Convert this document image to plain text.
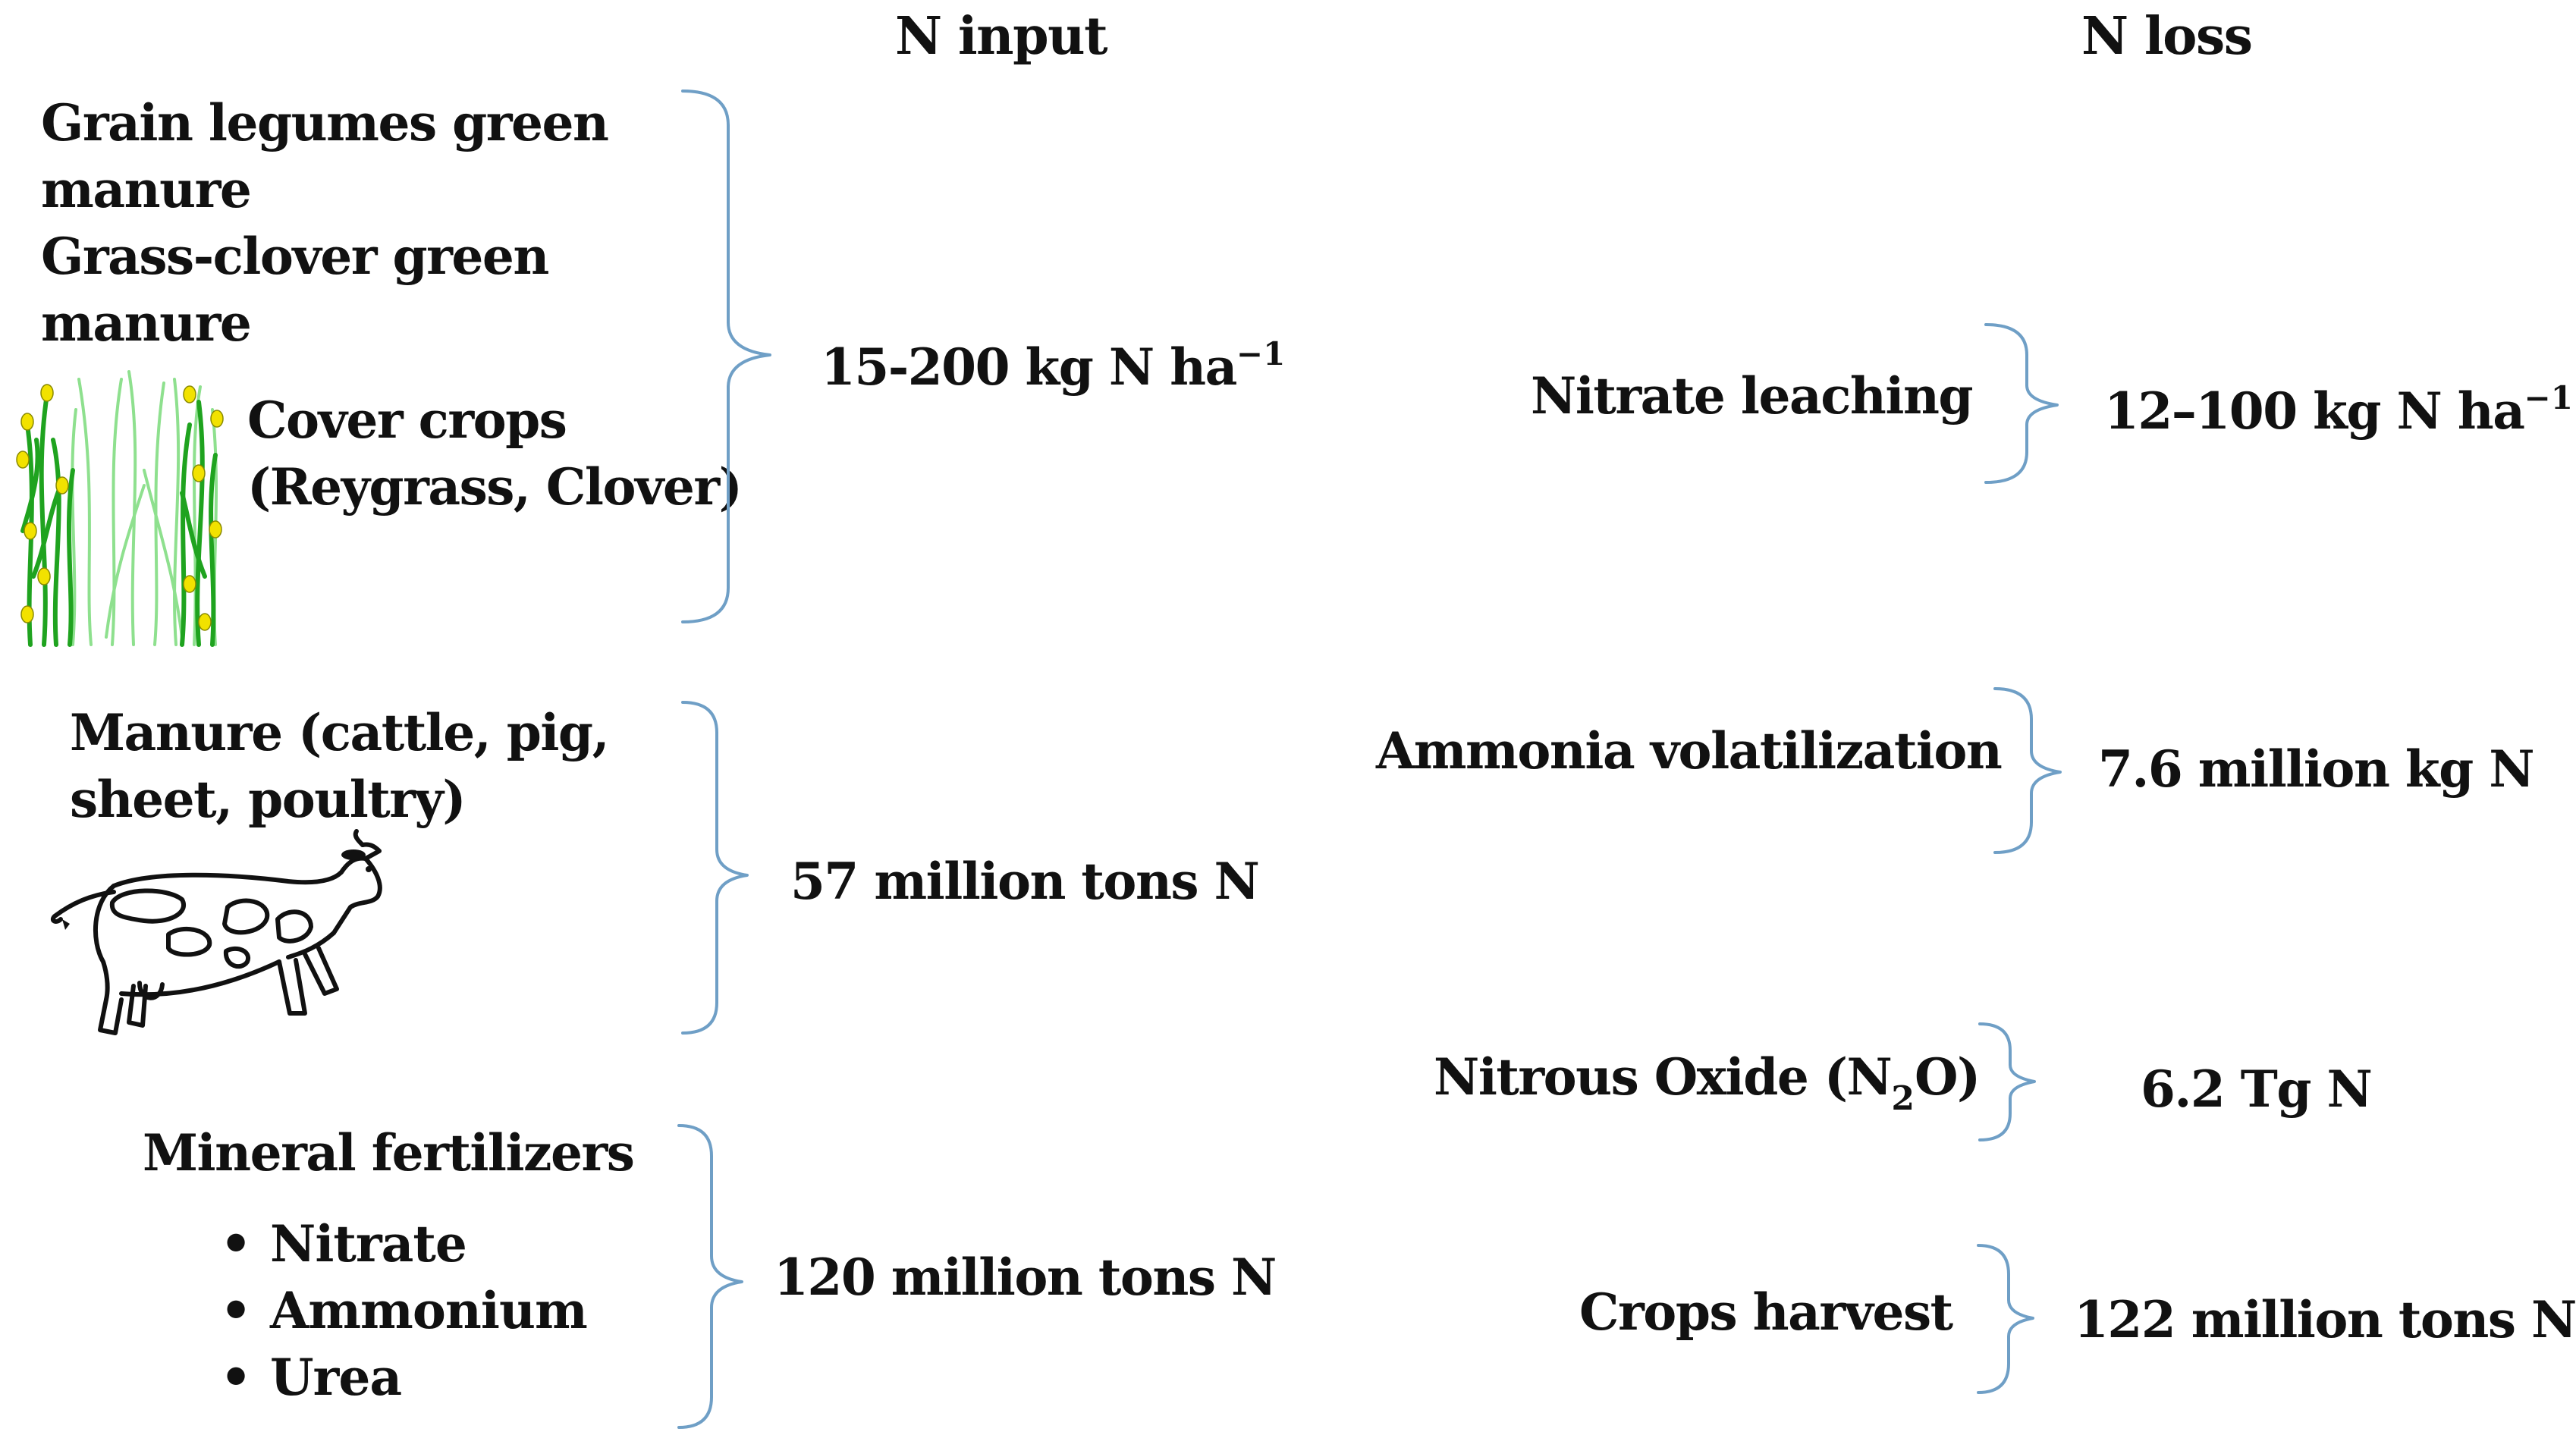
N input	N loss
Grain legumes green
manure
Grass-clover green
manure
Cover crops
(Reygrass, Clover)
15-200 kg N $ha^{-1}$
Manure (cattle, pig,
sheet, poultry)
57 million tons N
Mineral fertilizers
• Nitrate
• Ammonium
• Urea
120 million tons N
Nitrate leaching	12–100 kg N $ha^{-1}$
Ammonia volatilization 7.6 million kg N
Nitrous Oxide $(N_2O)$	6.2 Tg N
Crops harvest 122 million tons N
